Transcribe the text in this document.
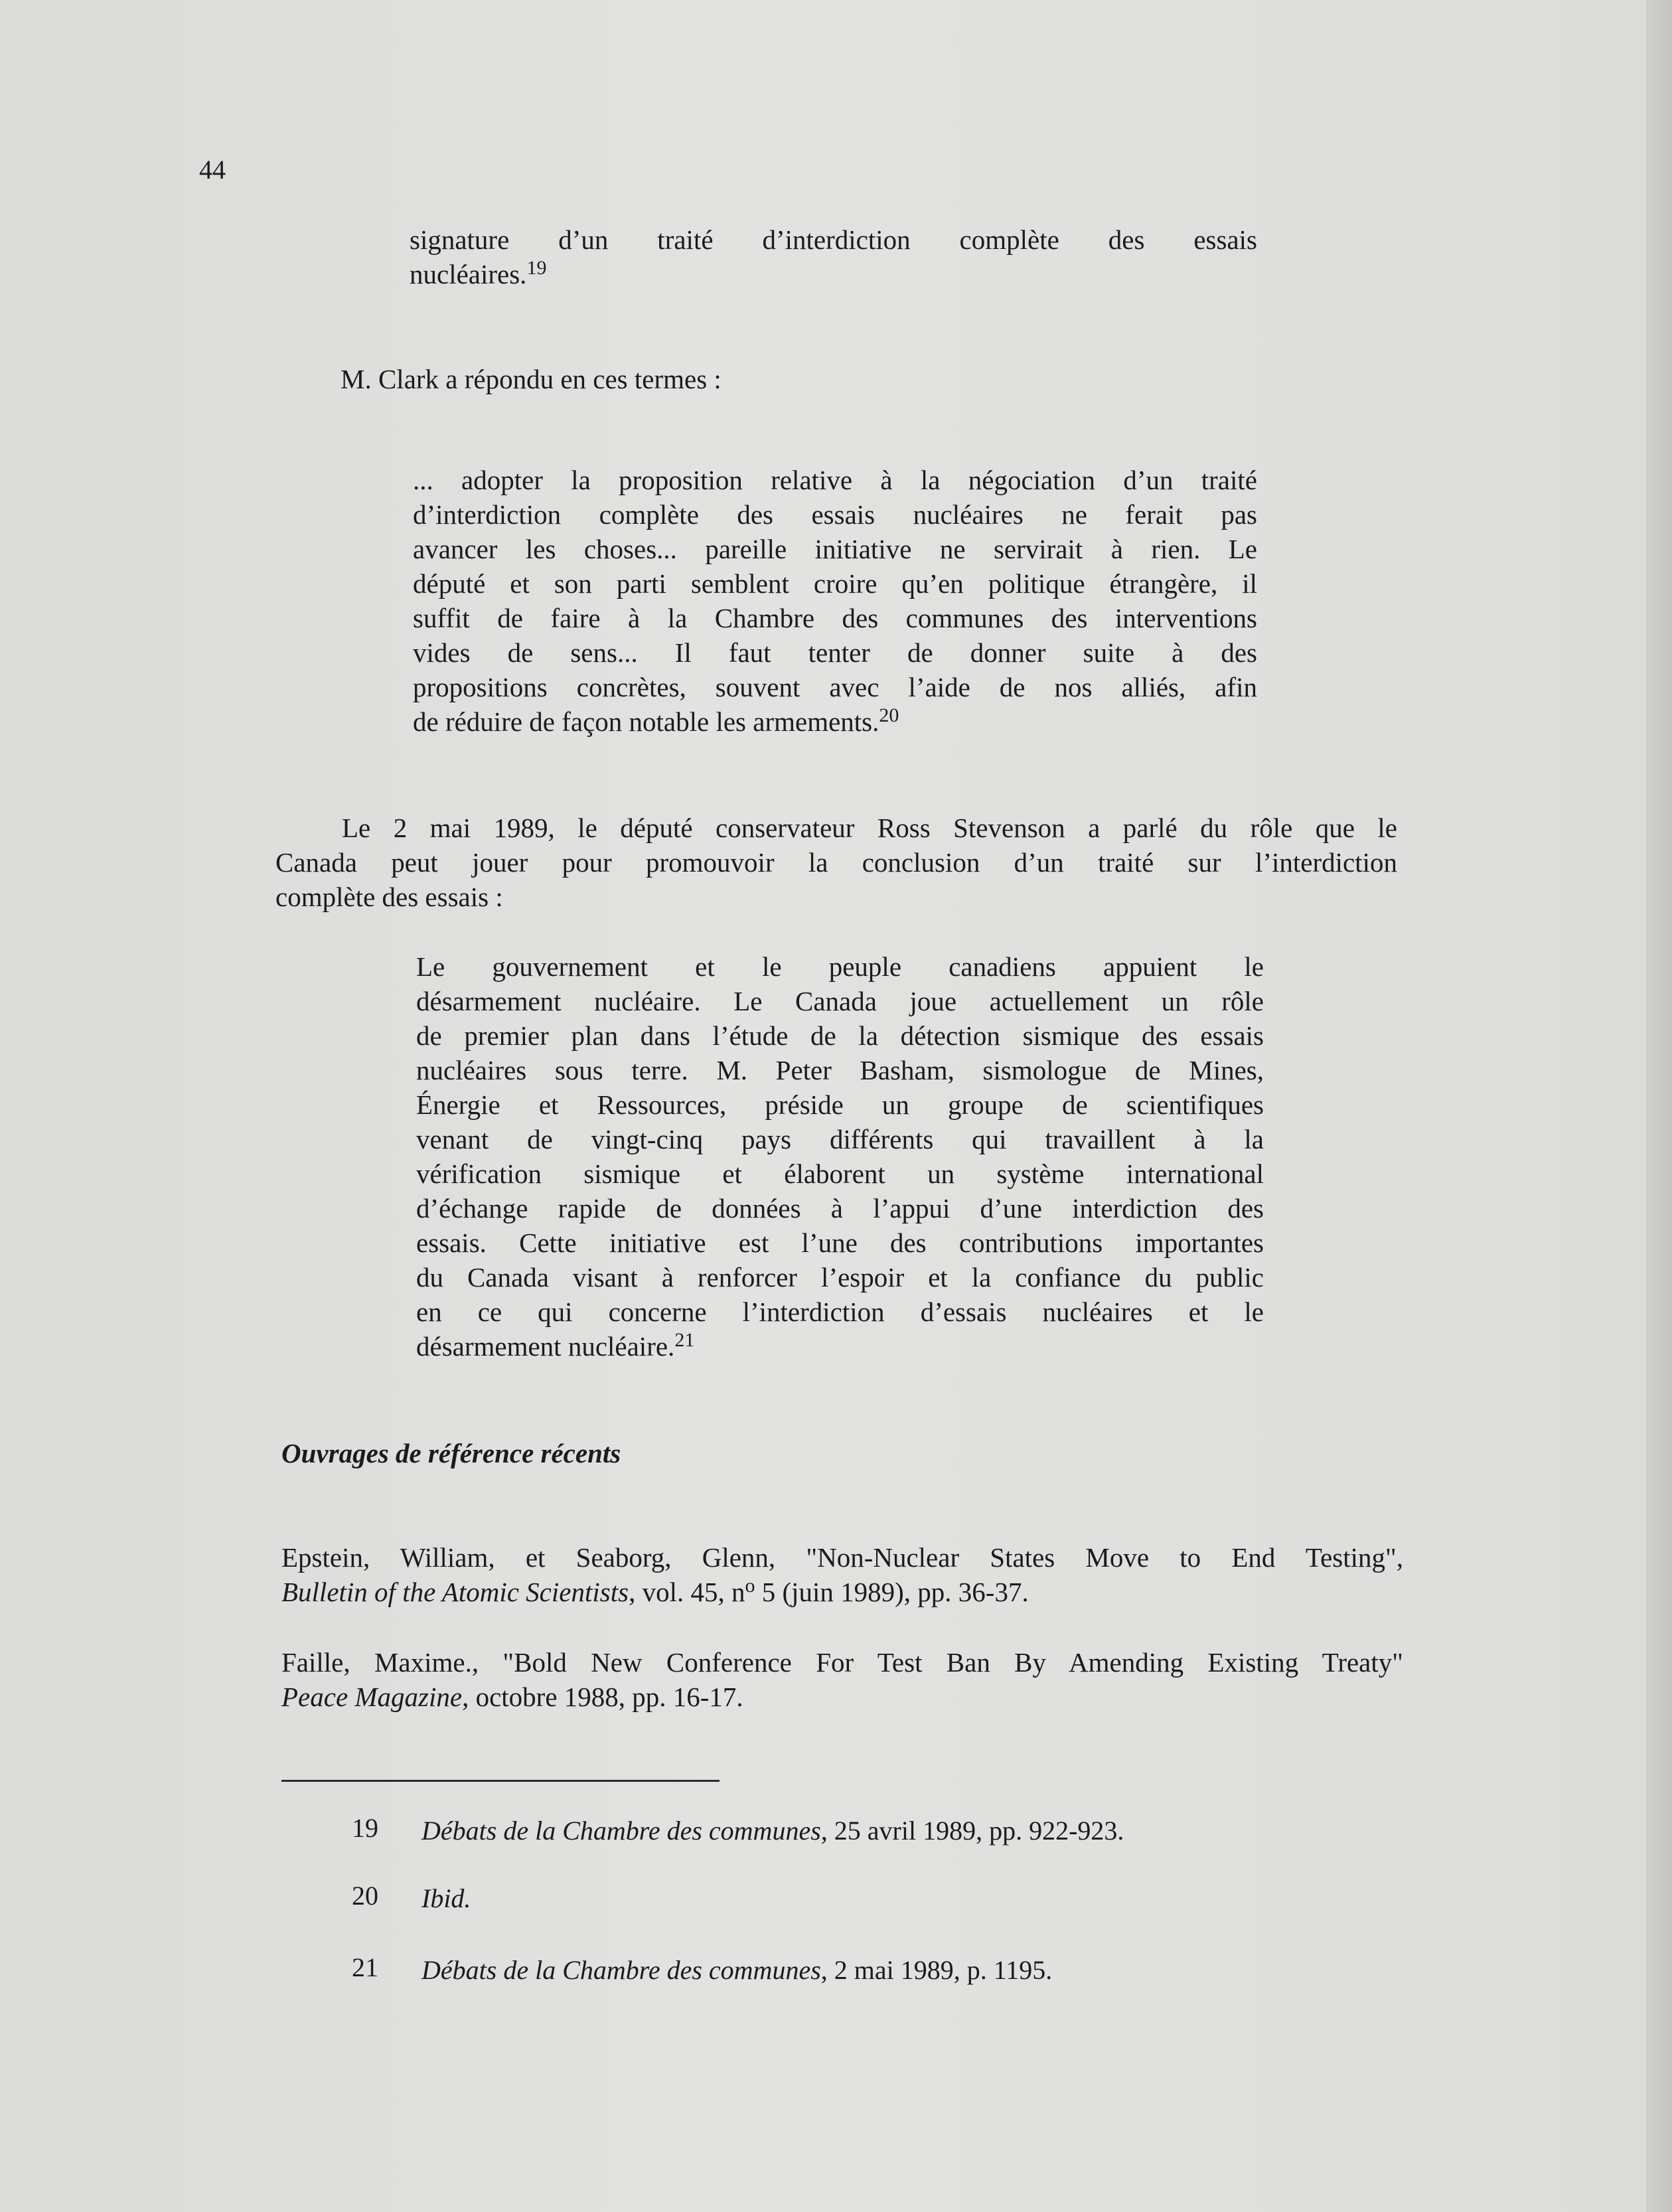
44
signature d’un traité d’interdiction complète des essais
nucléaires.$^{19}$
M. Clark a répondu en ces termes :
... adopter la proposition relative à la négociation d’un traité
d’interdiction complète des essais nucléaires ne ferait pas
avancer les choses... pareille initiative ne servirait à rien. Le
député et son parti semblent croire qu’en politique étrangère, il
suffit de faire à la Chambre des communes des interventions
vides de sens... Il faut tenter de donner suite à des
propositions concrètes, souvent avec l’aide de nos alliés, afin
de réduire de façon notable les armements.$^{20}$
Le 2 mai 1989, le député conservateur Ross Stevenson a parlé du rôle que le
Canada peut jouer pour promouvoir la conclusion d’un traité sur l’interdiction
complète des essais :
Le gouvernement et le peuple canadiens appuient le
désarmement nucléaire. Le Canada joue actuellement un rôle
de premier plan dans l’étude de la détection sismique des essais
nucléaires sous terre. M. Peter Basham, sismologue de Mines,
Énergie et Ressources, préside un groupe de scientifiques
venant de vingt-cinq pays différents qui travaillent à la
vérification sismique et élaborent un système international
d’échange rapide de données à l’appui d’une interdiction des
essais. Cette initiative est l’une des contributions importantes
du Canada visant à renforcer l’espoir et la confiance du public
en ce qui concerne l’interdiction d’essais nucléaires et le
désarmement nucléaire.$^{21}$
Ouvrages de référence récents
Epstein, William, et Seaborg, Glenn, "Non-Nuclear States Move to End Testing",
Bulletin of the Atomic Scientists, vol. 45, $n^o$ 5 (juin 1989), pp. 36-37.
Faille, Maxime., "Bold New Conference For Test Ban By Amending Existing Treaty"
Peace Magazine, octobre 1988, pp. 16-17.
19 Débats de la Chambre des communes, 25 avril 1989, pp. 922-923.
20 Ibid.
21 Débats de la Chambre des communes, 2 mai 1989, p. 1195.
